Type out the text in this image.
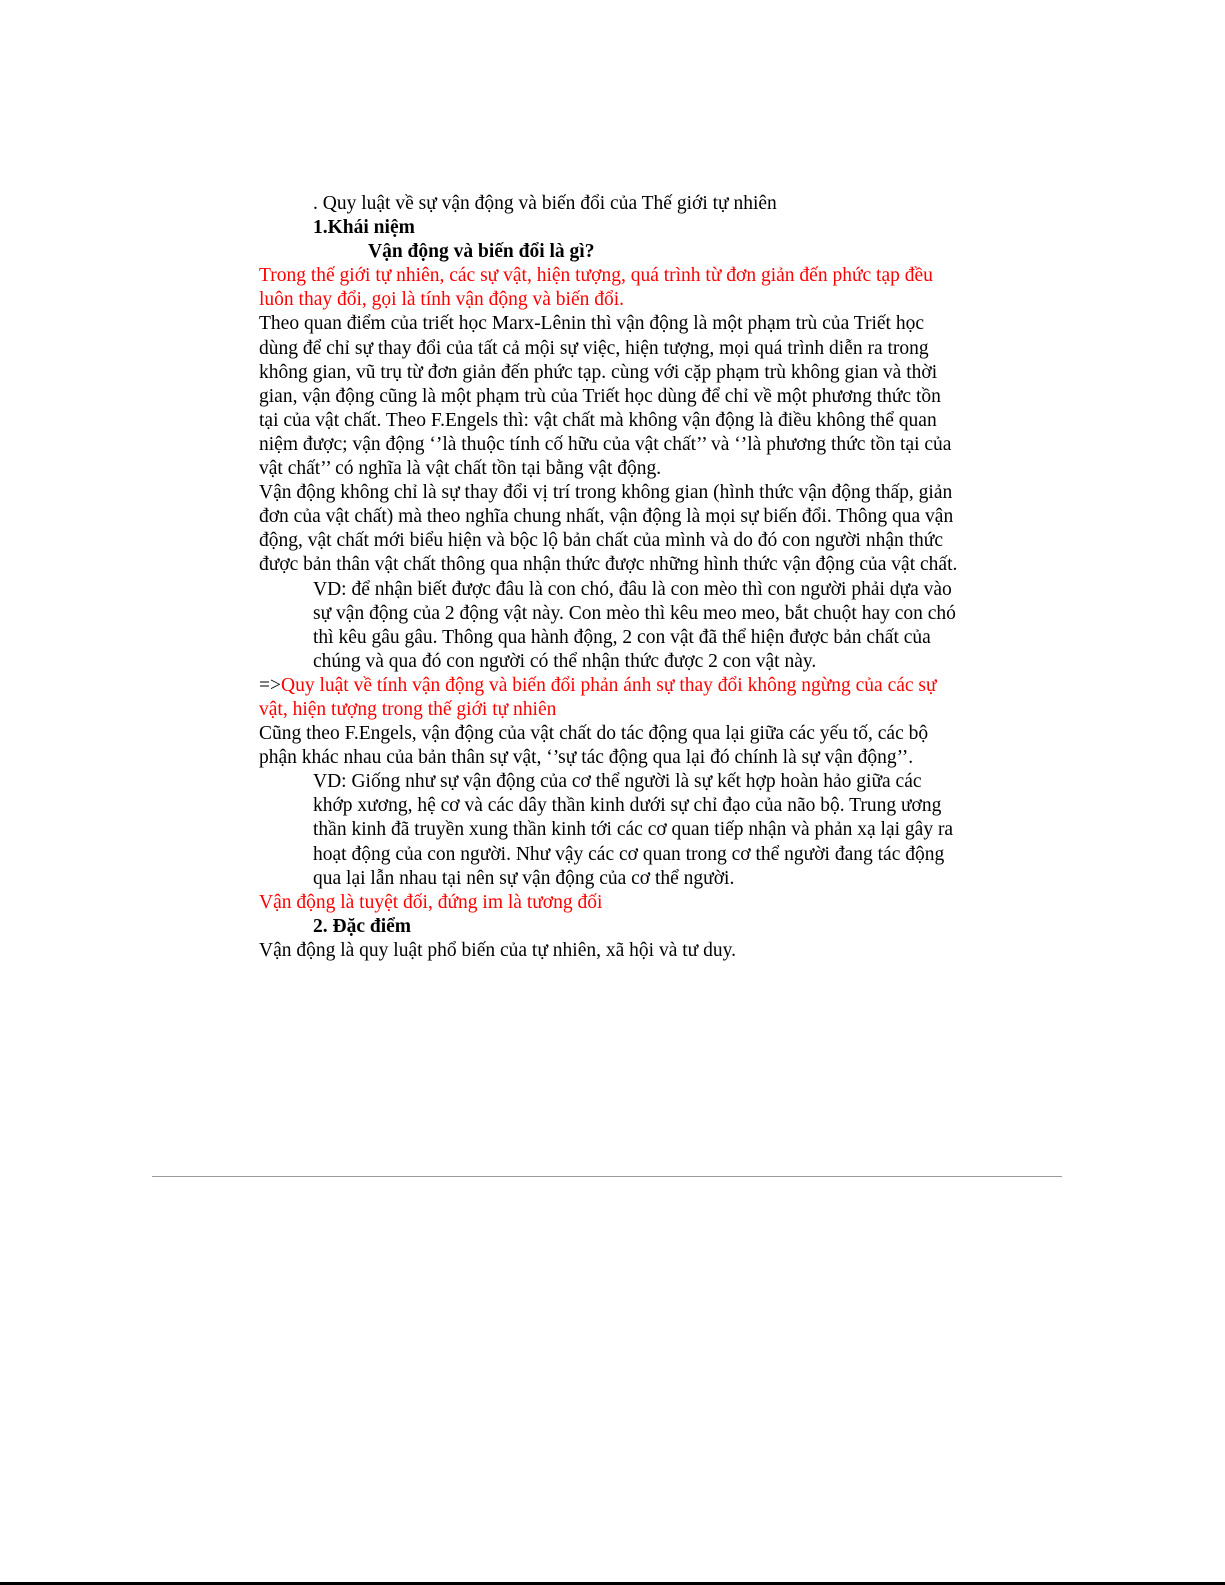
. Quy luật về sự vận động và biến đổi của Thế giới tự nhiên

1.Khái niệm

Vận động và biến đổi là gì?

Trong thế giới tự nhiên, các sự vật, hiện tượng, quá trình từ đơn giản đến phức tạp đều luôn thay đổi, gọi là tính vận động và biến đổi.

Theo quan điểm của triết học Marx-Lênin thì vận động là một phạm trù của Triết học dùng để chỉ sự thay đổi của tất cả mội sự việc, hiện tượng, mọi quá trình diễn ra trong không gian, vũ trụ từ đơn giản đến phức tạp. cùng với cặp phạm trù không gian và thời gian, vận động cũng là một phạm trù của Triết học dùng để chỉ về một phương thức tồn tại của vật chất. Theo F.Engels thì: vật chất mà không vận động là điều không thể quan niệm được; vận động ‘’là thuộc tính cố hữu của vật chất’’ và ‘’là phương thức tồn tại của vật chất’’ có nghĩa là vật chất tồn tại bằng vật động.

Vận động không chỉ là sự thay đổi vị trí trong không gian (hình thức vận động thấp, giản đơn của vật chất) mà theo nghĩa chung nhất, vận động là mọi sự biến đổi. Thông qua vận động, vật chất mới biểu hiện và bộc lộ bản chất của mình và do đó con người nhận thức được bản thân vật chất thông qua nhận thức được những hình thức vận động của vật chất.

VD: để nhận biết được đâu là con chó, đâu là con mèo thì con người phải dựa vào sự vận động của 2 động vật này. Con mèo thì kêu meo meo, bắt chuột hay con chó thì kêu gâu gâu. Thông qua hành động, 2 con vật đã thể hiện được bản chất của chúng và qua đó con người có thể nhận thức được 2 con vật này.

=>Quy luật về tính vận động và biến đổi phản ánh sự thay đổi không ngừng của các sự vật, hiện tượng trong thế giới tự nhiên

Cũng theo F.Engels, vận động của vật chất do tác động qua lại giữa các yếu tố, các bộ phận khác nhau của bản thân sự vật, ‘’sự tác động qua lại đó chính là sự vận động’’.

VD: Giống như sự vận động của cơ thể người là sự kết hợp hoàn hảo giữa các khớp xương, hệ cơ và các dây thần kinh dưới sự chỉ đạo của não bộ. Trung ương thần kinh đã truyền xung thần kinh tới các cơ quan tiếp nhận và phản xạ lại gây ra hoạt động của con người. Như vậy các cơ quan trong cơ thể người đang tác động qua lại lẫn nhau tại nên sự vận động của cơ thể người.

Vận động là tuyệt đối, đứng im là tương đối

2. Đặc điểm

Vận động là quy luật phổ biến của tự nhiên, xã hội và tư duy.
